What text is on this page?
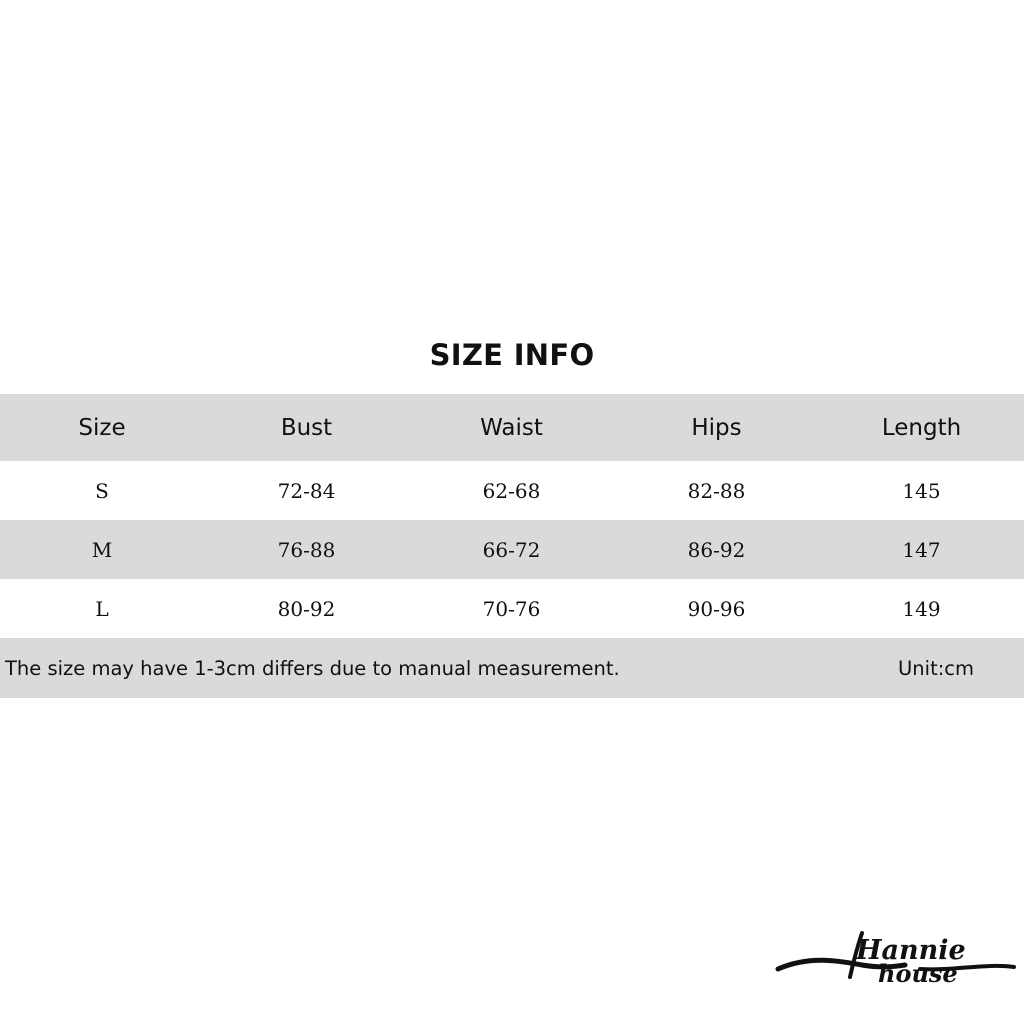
SIZE INFO
Size	Bust	Waist	Hips	Length
S	72-84	62-68	82-88	145
M	76-88	66-72	86-92	147
L	80-92	70-76	90-96	149
The size may have 1-3cm differs due to manual measurement.	Unit:cm
Hannie
house
